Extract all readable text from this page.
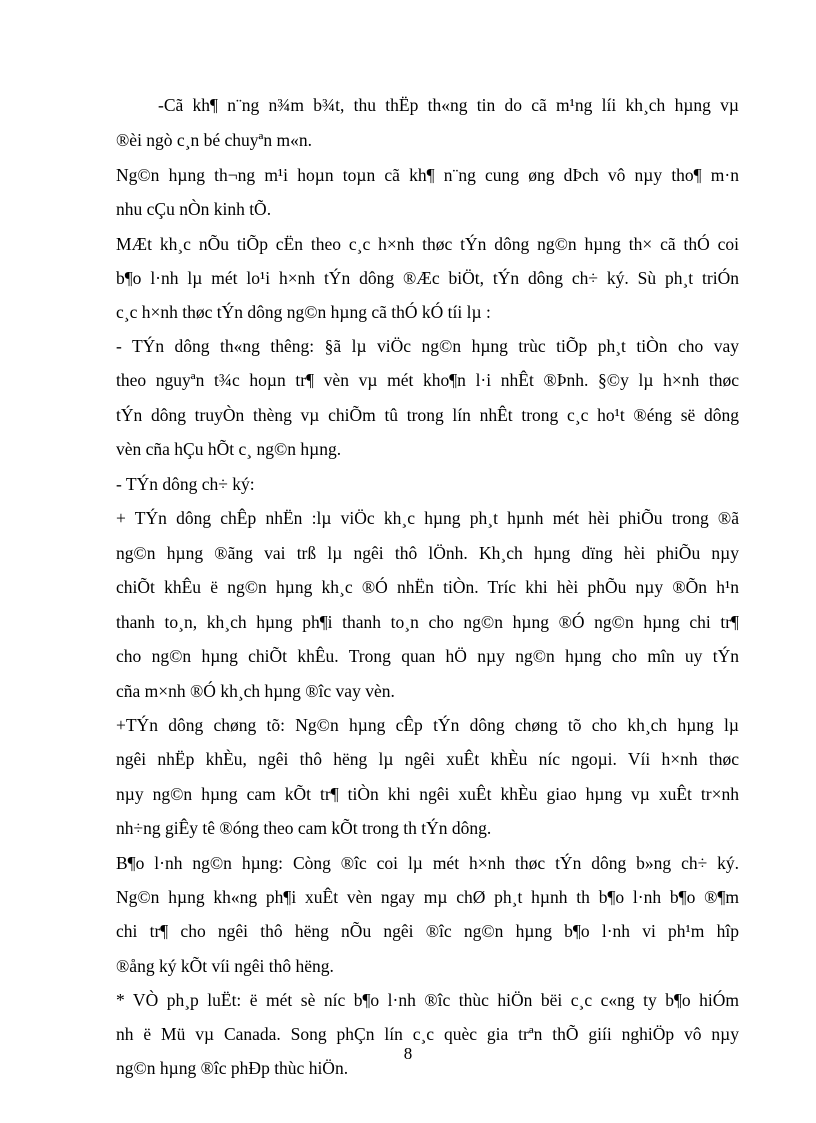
-Cã kh¶ n¨ng n¾m b¾t, thu thËp th«ng tin do cã m¹ng líi kh¸ch hµng vµ
®èi ngò c¸n bé chuyªn m«n.
Ng©n hµng th¬ng m¹i hoµn toµn cã kh¶ n¨ng cung øng dÞch vô nµy tho¶ m·n
nhu cÇu nÒn kinh tÕ.
MÆt kh¸c nÕu tiÕp cËn theo c¸c h×nh thøc tÝn dông ng©n hµng th× cã thÓ coi
b¶o l·nh lµ mét lo¹i h×nh tÝn dông ®Æc biÖt, tÝn dông ch÷ ký. Sù ph¸t triÓn
c¸c h×nh thøc tÝn dông ng©n hµng cã thÓ kÓ tíi lµ :
- TÝn dông th«ng thêng: §ã lµ viÖc ng©n hµng trùc tiÕp ph¸t tiÒn cho vay
theo nguyªn t¾c hoµn tr¶ vèn vµ mét kho¶n l·i nhÊt ®Þnh. §©y lµ h×nh thøc
tÝn dông truyÒn thèng vµ chiÕm tû trong lín nhÊt trong c¸c ho¹t ®éng së dông
vèn cña hÇu hÕt c¸ ng©n hµng.
- TÝn dông ch÷ ký:
+ TÝn dông chÊp nhËn :lµ viÖc kh¸c hµng ph¸t hµnh mét hèi phiÕu trong ®ã
ng©n hµng ®ãng vai trß lµ ngêi thô lÖnh. Kh¸ch hµng dïng hèi phiÕu nµy
chiÕt khÊu ë ng©n hµng kh¸c ®Ó nhËn tiÒn. Tríc khi hèi phÕu nµy ®Õn h¹n
thanh to¸n, kh¸ch hµng ph¶i thanh to¸n cho ng©n hµng ®Ó ng©n hµng chi tr¶
cho ng©n hµng chiÕt khÊu. Trong quan hÖ nµy ng©n hµng cho mîn uy tÝn
cña m×nh ®Ó kh¸ch hµng ®îc vay vèn.
+TÝn dông chøng tõ: Ng©n hµng cÊp tÝn dông chøng tõ cho kh¸ch hµng lµ
ngêi nhËp khÈu, ngêi thô hëng lµ ngêi xuÊt khÈu níc ngoµi. Víi h×nh thøc
nµy ng©n hµng cam kÕt tr¶ tiÒn khi ngêi xuÊt khÈu giao hµng vµ xuÊt tr×nh
nh÷ng giÊy tê ®óng theo cam kÕt trong th tÝn dông.
B¶o l·nh ng©n hµng: Còng ®îc coi lµ mét h×nh thøc tÝn dông b»ng ch÷ ký.
Ng©n hµng kh«ng ph¶i xuÊt vèn ngay mµ chØ ph¸t hµnh th b¶o l·nh b¶o ®¶m
chi tr¶ cho ngêi thô hëng nÕu ngêi ®îc ng©n hµng b¶o l·nh vi ph¹m hîp
®ång ký kÕt víi ngêi thô hëng.
* VÒ ph¸p luËt: ë mét sè níc b¶o l·nh ®îc thùc hiÖn bëi c¸c c«ng ty b¶o hiÓm
nh ë Mü vµ Canada. Song phÇn lín c¸c quèc gia trªn thÕ giíi nghiÖp vô nµy
8
ng©n hµng ®îc phÐp thùc hiÖn.
